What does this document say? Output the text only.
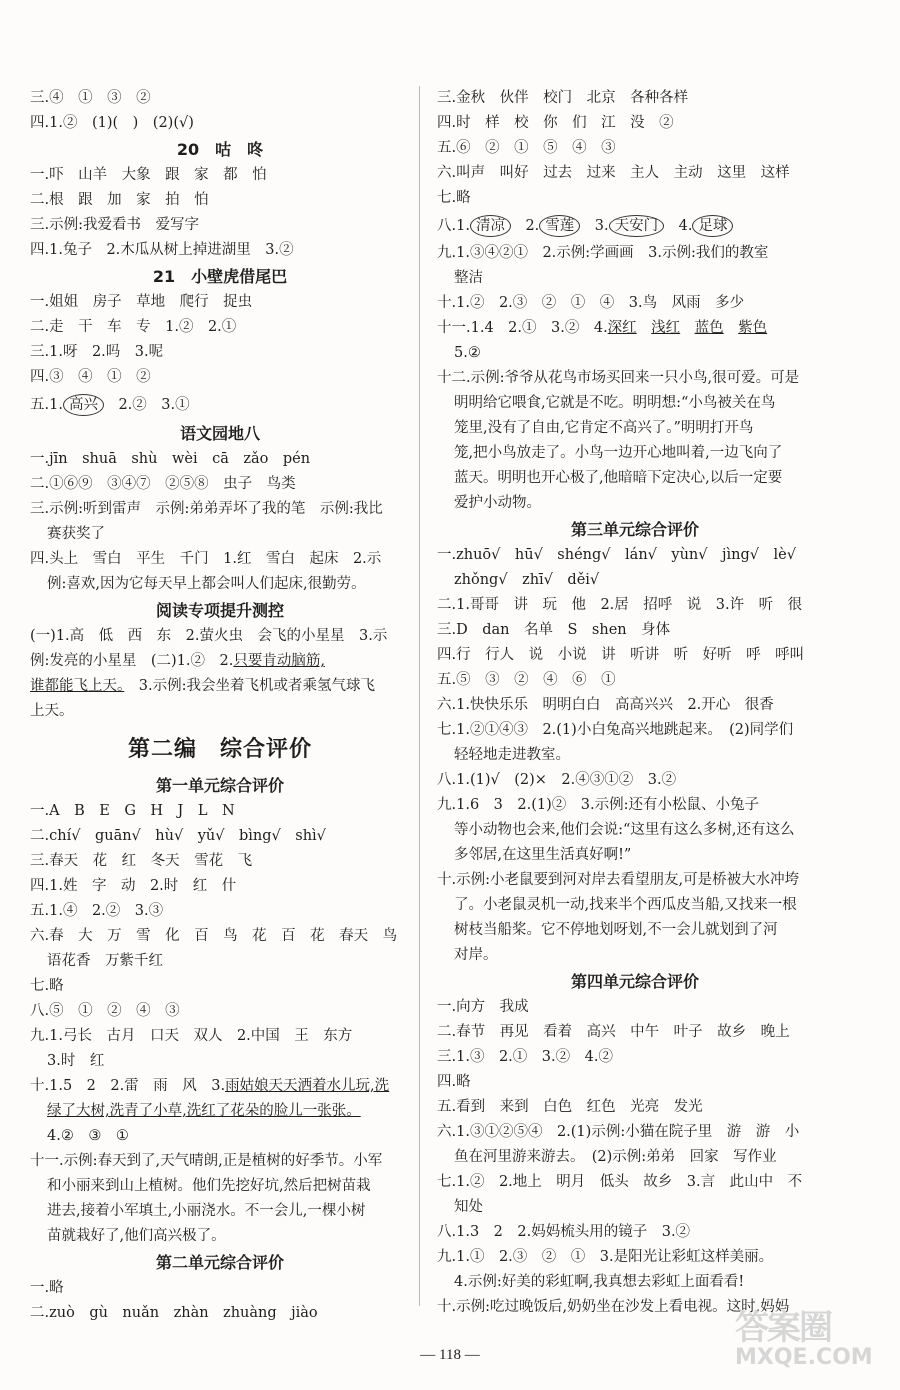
三.④　①　③　②
四.1.②　(1)(　)　(2)(√)
20　咕　咚
一.吓　山羊　大象　跟　家　都　怕
二.根　跟　加　家　拍　怕
三.示例:我爱看书　爱写字
四.1.兔子　2.木瓜从树上掉进湖里　3.②
21　小壁虎借尾巴
一.姐姐　房子　草地　爬行　捉虫
二.走　干　车　专　1.②　2.①
三.1.呀　2.吗　3.呢
四.③　④　①　②
五.1. 高兴　2.②　3.①
语文园地八
一.jīn　shuā　shù　wèi　cā　zǎo　pén
二.①⑥⑨　③④⑦　②⑤⑧　虫子　鸟类
三.示例:听到雷声　示例:弟弟弄坏了我的笔　示例:我比
赛获奖了
四.头上　雪白　平生　千门　1.红　雪白　起床　2.示
例:喜欢,因为它每天早上都会叫人们起床,很勤劳。
阅读专项提升测控
(一)1.高　低　西　东　2.萤火虫　会飞的小星星　3.示
例:发亮的小星星　(二)1.②　2.只要肯动脑筋,
谁都能飞上天。　3.示例:我会坐着飞机或者乘氢气球飞
上天。
第二编　综合评价
第一单元综合评价
一.A　B　E　G　H　J　L　N
二.chí√　guān√　hù√　yǔ√　bìng√　shì√
三.春天　花　红　冬天　雪花　飞
四.1.姓　字　动　2.时　红　什
五.1.④　2.②　3.③
六.春　大　万　雪　化　百　鸟　花　百　花　春天　鸟
语花香　万紫千红
七.略
八.⑤　①　②　④　③
九.1.弓长　古月　口天　双人　2.中国　王　东方
3.时　红
十.1.5　2　2.雷　雨　风　3.雨姑娘天天洒着水儿玩,洗
绿了大树,洗青了小草,洗红了花朵的脸儿一张张。
4.②　③　①
十一.示例:春天到了,天气晴朗,正是植树的好季节。小军
和小丽来到山上植树。他们先挖好坑,然后把树苗栽
进去,接着小军填土,小丽浇水。不一会儿,一棵小树
苗就栽好了,他们高兴极了。
第二单元综合评价
一.略
二.zuò　gù　nuǎn　zhàn　zhuàng　jiào
三.金秋　伙伴　校门　北京　各种各样
四.时　样　校　你　们　江　没　②
五.⑥　②　①　⑤　④　③
六.叫声　叫好　过去　过来　主人　主动　这里　这样
七.略
八.1. 清凉　2. 雪莲　3. 天安门　4. 足球
九.1.③④②①　2.示例:学画画　3.示例:我们的教室
整洁
十.1.②　2.③　②　①　④　3.鸟　风雨　多少
十一.1.4　2.①　3.②　4.深红　 浅红　 蓝色　 紫色
5.②
十二.示例:爷爷从花鸟市场买回来一只小鸟,很可爱。可是
明明给它喂食,它就是不吃。明明想:“小鸟被关在鸟
笼里,没有了自由,它肯定不高兴了。”明明打开鸟
笼,把小鸟放走了。小鸟一边开心地叫着,一边飞向了
蓝天。明明也开心极了,他暗暗下定决心,以后一定要
爱护小动物。
第三单元综合评价
一.zhuō√　hū√　shéng√　lán√　yùn√　jìng√　lè√
zhǒng√　zhī√　děi√
二.1.哥哥　讲　玩　他　2.居　招呼　说　3.许　听　很
三.D　dan　名单　S　shen　身体
四.行　行人　说　小说　讲　听讲　听　好听　呼　呼叫
五.⑤　③　②　④　⑥　①
六.1.快快乐乐　明明白白　高高兴兴　2.开心　很香
七.1.②①④③　2.(1)小白兔高兴地跳起来。　(2)同学们
轻轻地走进教室。
八.1.(1)√　(2)×　2.④③①②　3.②
九.1.6　3　2.(1)②　3.示例:还有小松鼠、小兔子
等小动物也会来,他们会说:“这里有这么多树,还有这么
多邻居,在这里生活真好啊!”
十.示例:小老鼠要到河对岸去看望朋友,可是桥被大水冲垮
了。小老鼠灵机一动,找来半个西瓜皮当船,又找来一根
树枝当船桨。它不停地划呀划,不一会儿就划到了河
对岸。
第四单元综合评价
一.向方　我成
二.春节　再见　看着　高兴　中午　叶子　故乡　晚上
三.1.③　2.①　3.②　4.②
四.略
五.看到　来到　白色　红色　光亮　发光
六.1.③①②⑤④　2.(1)示例:小猫在院子里　游　游　小
鱼在河里游来游去。　(2)示例:弟弟　回家　写作业
七.1.②　2.地上　明月　低头　故乡　3.言　此山中　不
知处
八.1.3　2　2.妈妈梳头用的镜子　3.②
九.1.①　2.③　②　①　3.是阳光让彩虹这样美丽。
4.示例:好美的彩虹啊,我真想去彩虹上面看看!
十.示例:吃过晚饭后,奶奶坐在沙发上看电视。这时,妈妈
— 118 —
答案圈
MXQE.COM
